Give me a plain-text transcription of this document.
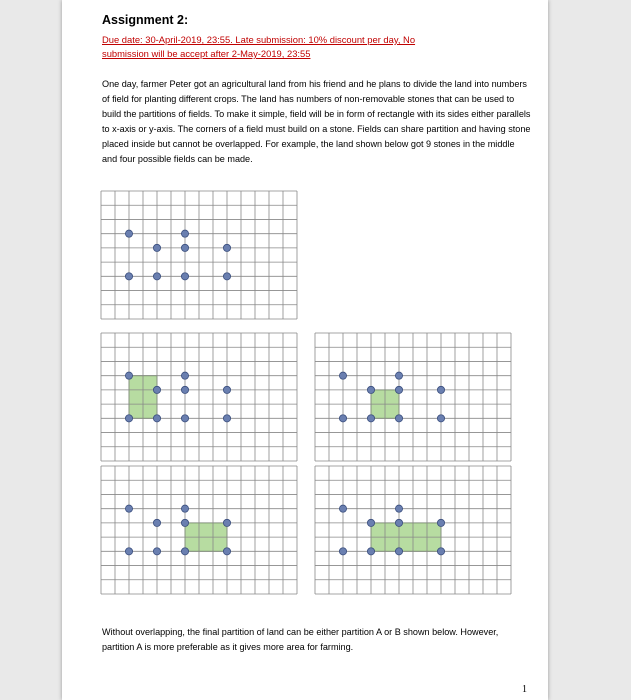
Assignment 2:
Due date: 30-April-2019, 23:55. Late submission: 10% discount per day, No
submission will be accept after 2-May-2019, 23:55
One day, farmer Peter got an agricultural land from his friend and he plans to divide the land into numbers of field for planting different crops. The land has numbers of non-removable stones that can be used to build the partitions of fields. To make it simple, field will be in form of rectangle with its sides either parallels to x-axis or y-axis. The corners of a field must build on a stone. Fields can share partition and having stone placed inside but cannot be overlapped. For example, the land shown below got 9 stones in the middle and four possible fields can be made.
Without overlapping, the final partition of land can be either partition A or B shown below. However, partition A is more preferable as it gives more area for farming.
1
